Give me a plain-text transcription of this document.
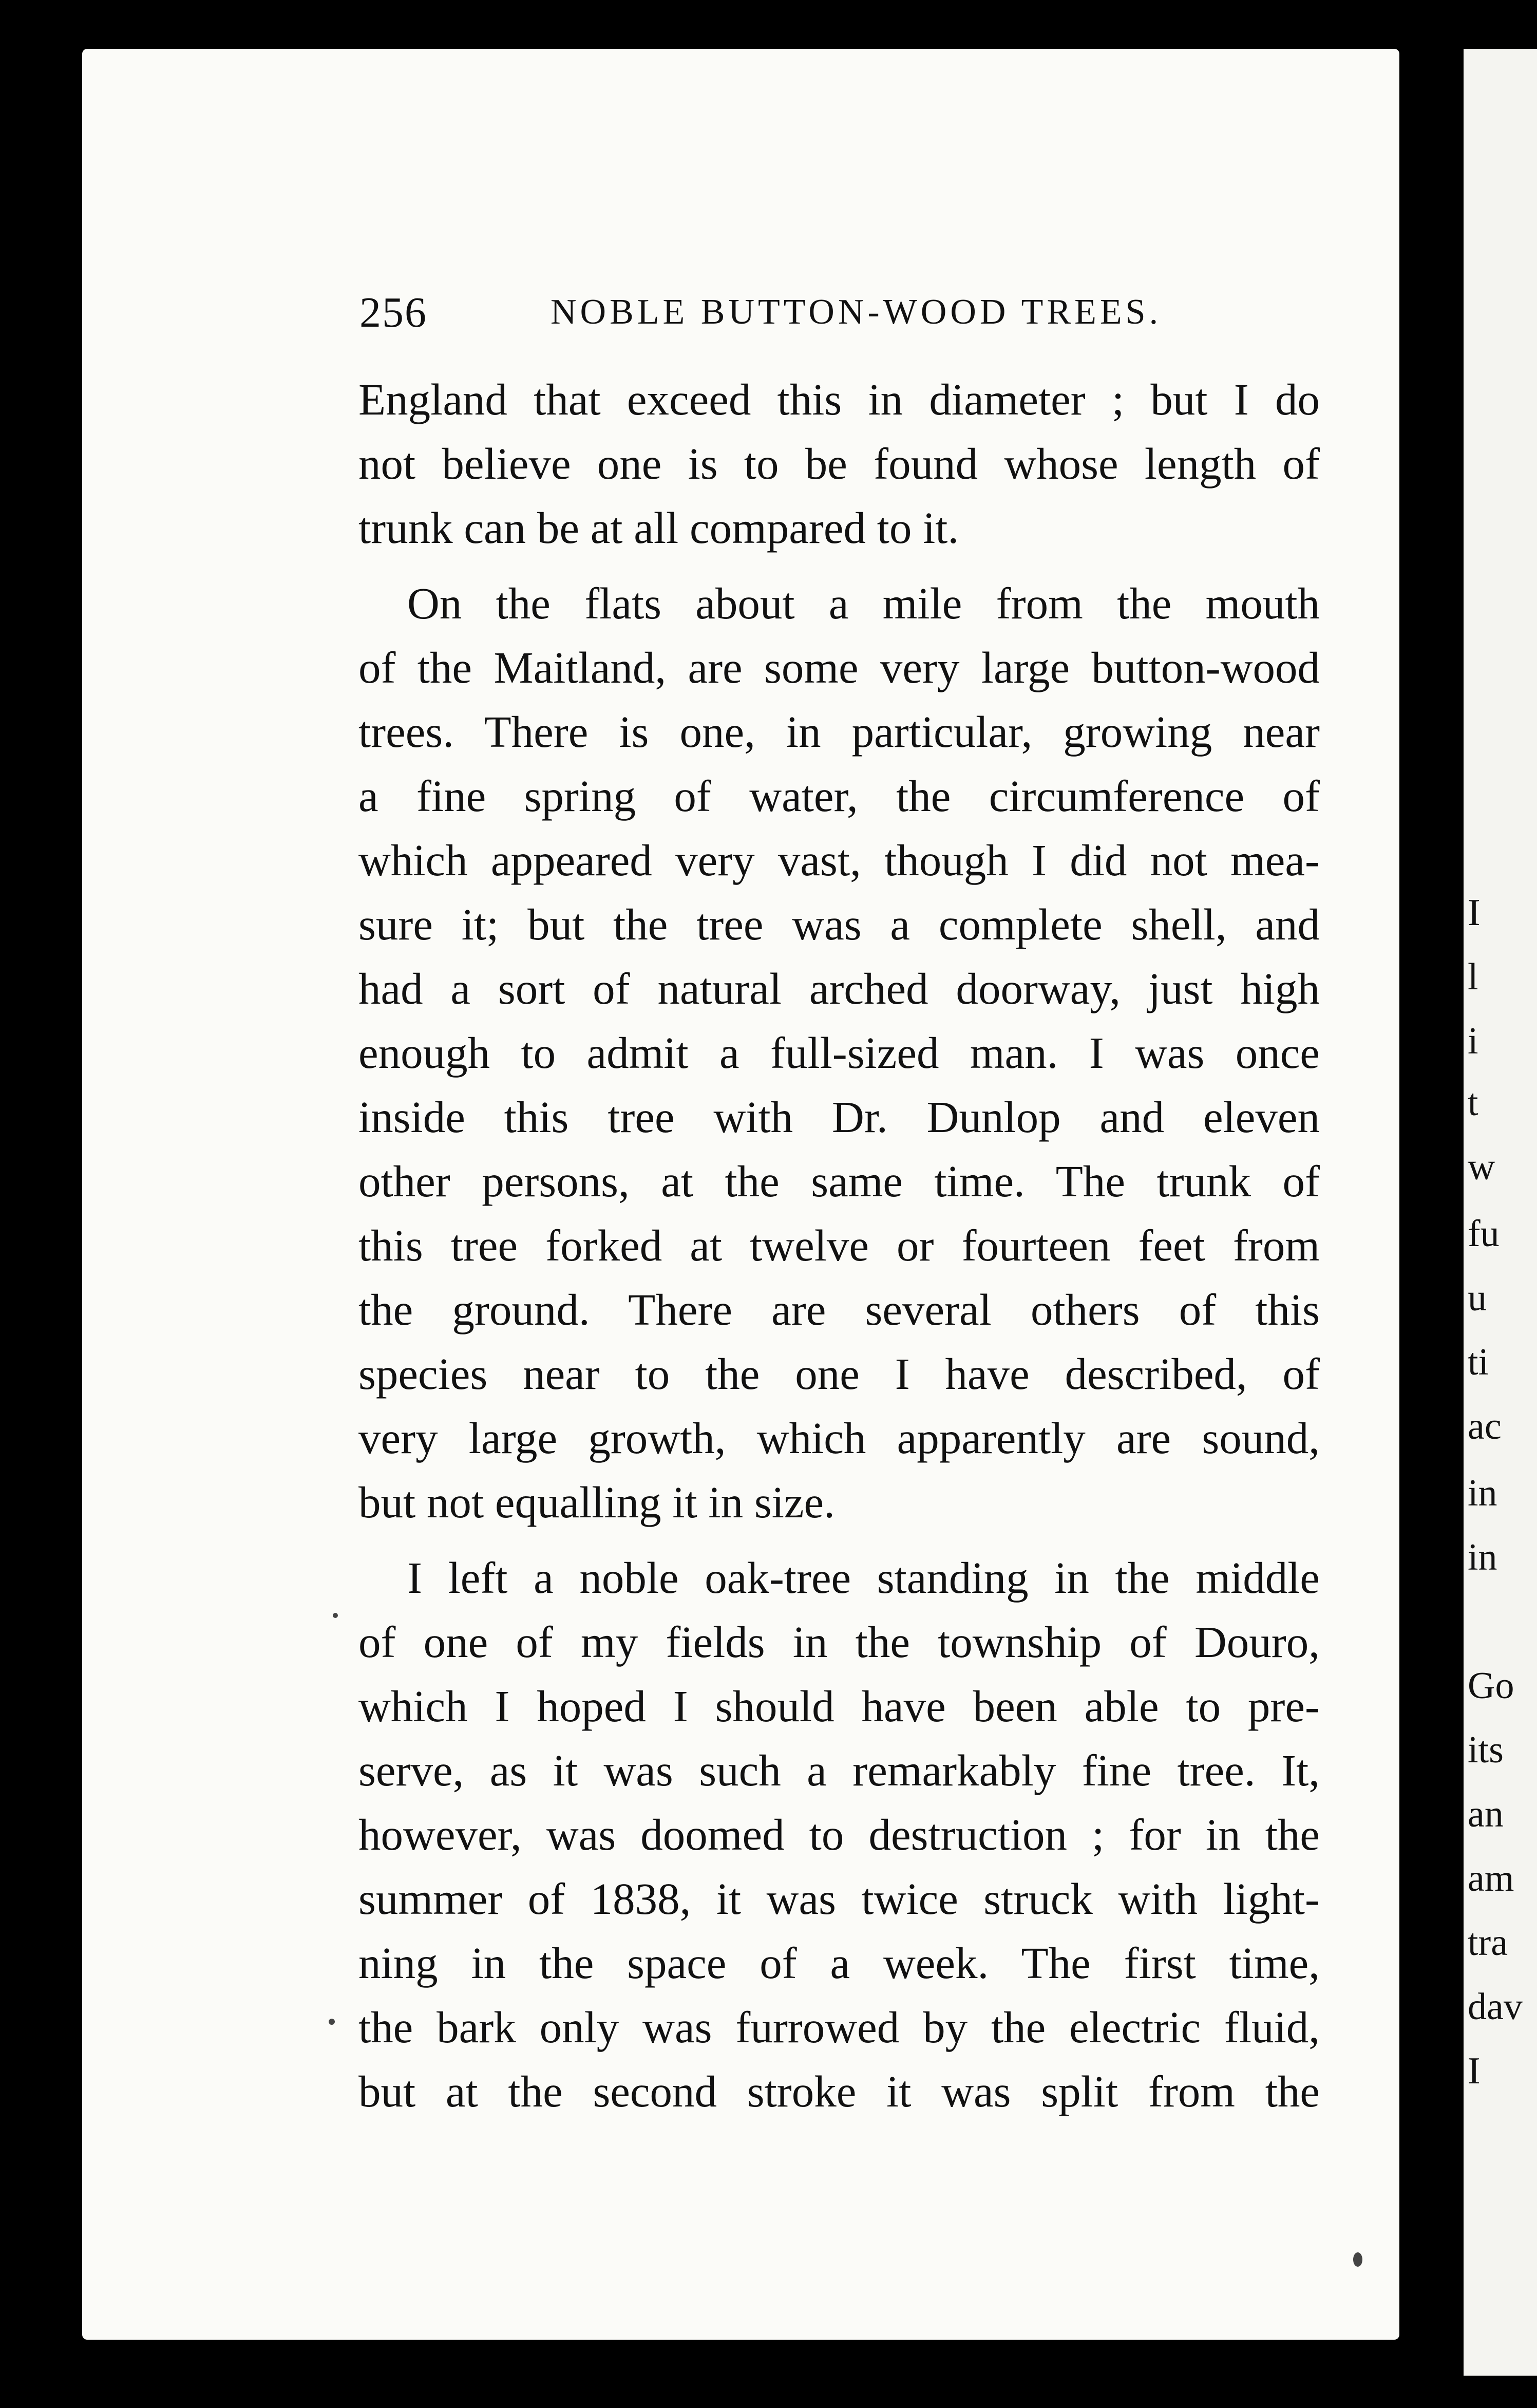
256	NOBLE BUTTON-WOOD TREES.
England that exceed this in diameter ; but I do
not believe one is to be found whose length of
trunk can be at all compared to it.
On the flats about a mile from the mouth
of the Maitland, are some very large button-wood
trees. There is one, in particular, growing near
a fine spring of water, the circumference of
which appeared very vast, though I did not mea-
sure it; but the tree was a complete shell, and
had a sort of natural arched doorway, just high
enough to admit a full-sized man. I was once
inside this tree with Dr. Dunlop and eleven
other persons, at the same time. The trunk of
this tree forked at twelve or fourteen feet from
the ground. There are several others of this
species near to the one I have described, of
very large growth, which apparently are sound,
but not equalling it in size.
I left a noble oak-tree standing in the middle
of one of my fields in the township of Douro,
which I hoped I should have been able to pre-
serve, as it was such a remarkably fine tree. It,
however, was doomed to destruction ; for in the
summer of 1838, it was twice struck with light-
ning in the space of a week. The first time,
the bark only was furrowed by the electric fluid,
but at the second stroke it was split from the
I
l
i
t
w
fu
u
ti
ac
in
in
Go
its
an
am
tra
dav
I
